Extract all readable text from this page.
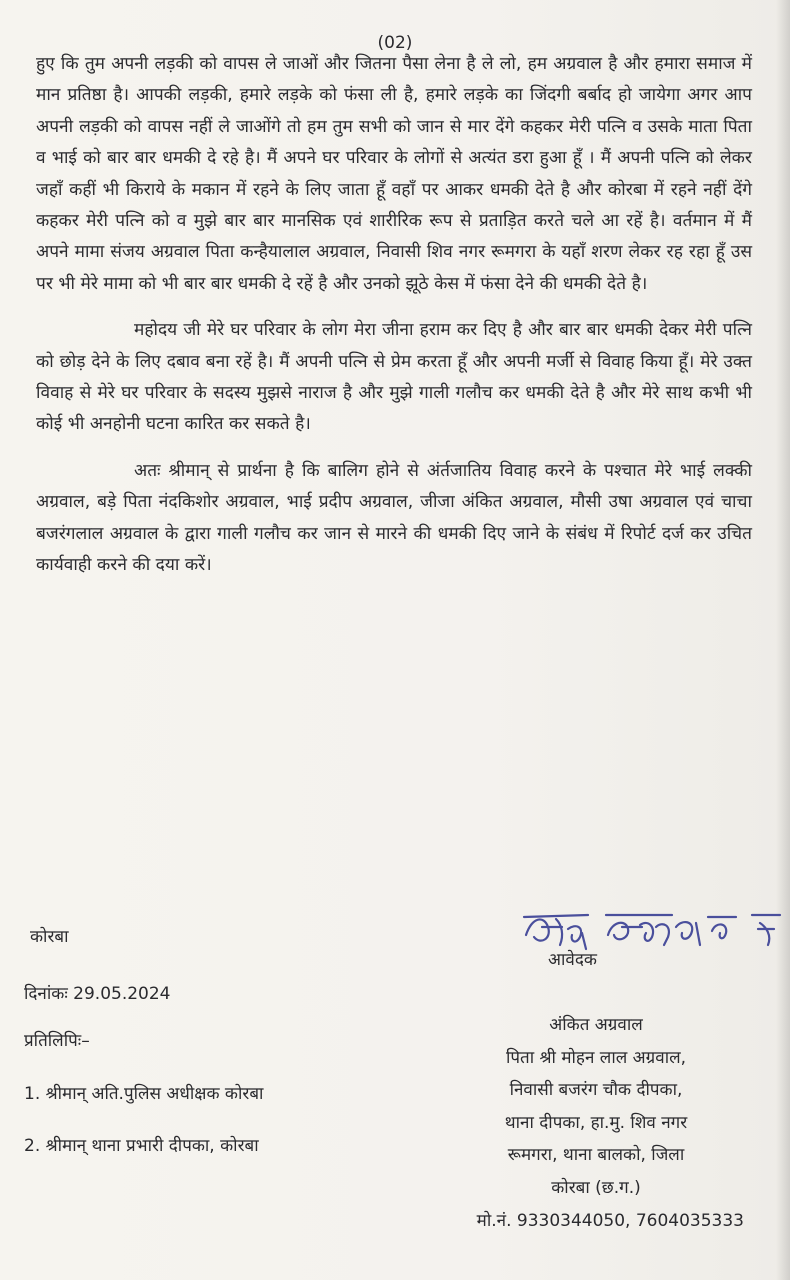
(02)

हुए कि तुम अपनी लड़की को वापस ले जाओं और जितना पैसा लेना है ले लो, हम अग्रवाल है और हमारा समाज में मान प्रतिष्ठा है। आपकी लड़की, हमारे लड़के को फंसा ली है, हमारे लड़के का जिंदगी बर्बाद हो जायेगा अगर आप अपनी लड़की को वापस नहीं ले जाओंगे तो हम तुम सभी को जान से मार देंगे कहकर मेरी पत्नि व उसके माता पिता व भाई को बार बार धमकी दे रहे है। मैं अपने घर परिवार के लोगों से अत्यंत डरा हुआ हूँ । मैं अपनी पत्नि को लेकर जहाँ कहीं भी किराये के मकान में रहने के लिए जाता हूँ वहाँ पर आकर धमकी देते है और कोरबा में रहने नहीं देंगे कहकर मेरी पत्नि को व मुझे बार बार मानसिक एवं शारीरिक रूप से प्रताड़ित करते चले आ रहें है। वर्तमान में मैं अपने मामा संजय अग्रवाल पिता कन्हैयालाल अग्रवाल, निवासी शिव नगर रूमगरा के यहाँ शरण लेकर रह रहा हूँ उस पर भी मेरे मामा को भी बार बार धमकी दे रहें है और उनको झूठे केस में फंसा देने की धमकी देते है।

महोदय जी मेरे घर परिवार के लोग मेरा जीना हराम कर दिए है और बार बार धमकी देकर मेरी पत्नि को छोड़ देने के लिए दबाव बना रहें है। मैं अपनी पत्नि से प्रेम करता हूँ और अपनी मर्जी से विवाह किया हूँ। मेरे उक्त विवाह से मेरे घर परिवार के सदस्य मुझसे नाराज है और मुझे गाली गलौच कर धमकी देते है और मेरे साथ कभी भी कोई भी अनहोनी घटना कारित कर सकते है।

अतः श्रीमान् से प्रार्थना है कि बालिग होने से अंर्तजातिय विवाह करने के पश्चात मेरे भाई लक्की अग्रवाल, बड़े पिता नंदकिशोर अग्रवाल, भाई प्रदीप अग्रवाल, जीजा अंकित अग्रवाल, मौसी उषा अग्रवाल एवं चाचा बजरंगलाल अग्रवाल के द्वारा गाली गलौच कर जान से मारने की धमकी दिए जाने के संबंध में रिपोर्ट दर्ज कर उचित कार्यवाही करने की दया करें।

आवेदक
कोरबा
दिनांकः 29.05.2024
प्रतिलिपिः–
1. श्रीमान् अति.पुलिस अधीक्षक कोरबा
2. श्रीमान् थाना प्रभारी दीपका, कोरबा
अंकित अग्रवाल
पिता श्री मोहन लाल अग्रवाल,
निवासी बजरंग चौक दीपका,
थाना दीपका, हा.मु. शिव नगर
रूमगरा, थाना बालको, जिला
कोरबा (छ.ग.)
मो.नं. 9330344050, 7604035333
